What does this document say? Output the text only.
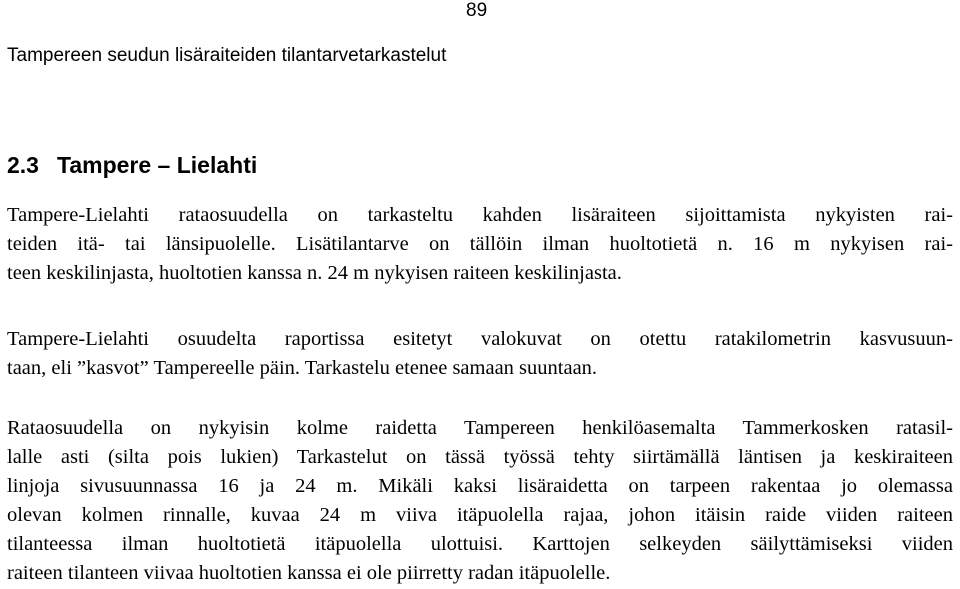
89
Tampereen seudun lisäraiteiden tilantarvetarkastelut
2.3 Tampere – Lielahti
Tampere-Lielahti rataosuudella on tarkasteltu kahden lisäraiteen sijoittamista nykyisten rai-
teiden itä- tai länsipuolelle. Lisätilantarve on tällöin ilman huoltotietä n. 16 m nykyisen rai-
teen keskilinjasta, huoltotien kanssa n. 24 m nykyisen raiteen keskilinjasta.
Tampere-Lielahti osuudelta raportissa esitetyt valokuvat on otettu ratakilometrin kasvusuun-
taan, eli ”kasvot” Tampereelle päin. Tarkastelu etenee samaan suuntaan.
Rataosuudella on nykyisin kolme raidetta Tampereen henkilöasemalta Tammerkosken ratasil-
lalle asti (silta pois lukien) Tarkastelut on tässä työssä tehty siirtämällä läntisen ja keskiraiteen
linjoja sivusuunnassa 16 ja 24 m. Mikäli kaksi lisäraidetta on tarpeen rakentaa jo olemassa
olevan kolmen rinnalle, kuvaa 24 m viiva itäpuolella rajaa, johon itäisin raide viiden raiteen
tilanteessa ilman huoltotietä itäpuolella ulottuisi. Karttojen selkeyden säilyttämiseksi viiden
raiteen tilanteen viivaa huoltotien kanssa ei ole piirretty radan itäpuolelle.
